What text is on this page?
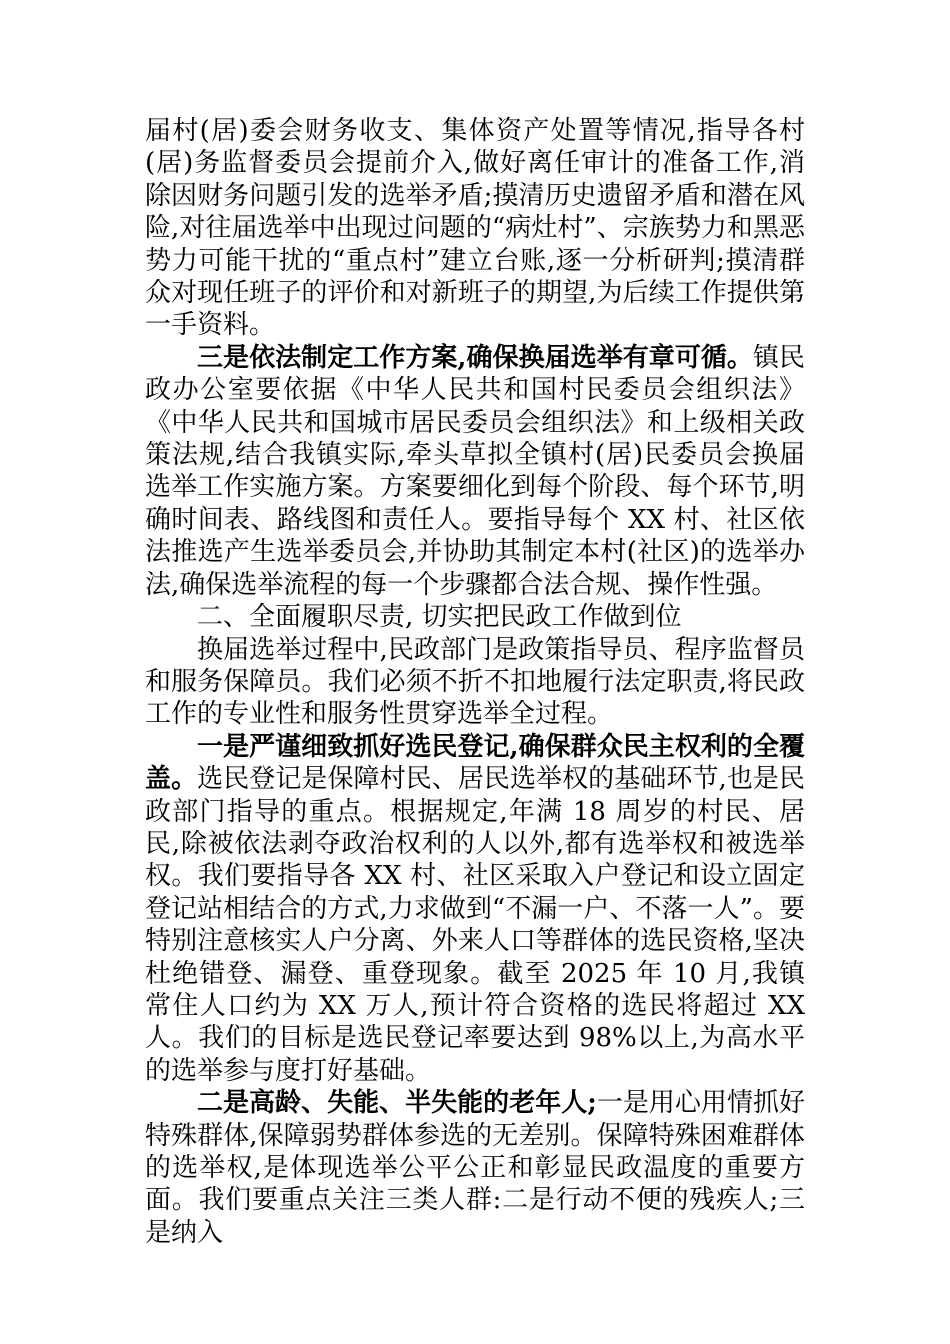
届村(居)委会财务收支、集体资产处置等情况,指导各村(居)务监督委员会提前介入,做好离任审计的准备工作,消除因财务问题引发的选举矛盾;摸清历史遗留矛盾和潜在风险,对往届选举中出现过问题的“病灶村”、宗族势力和黑恶势力可能干扰的“重点村”建立台账,逐一分析研判;摸清群众对现任班子的评价和对新班子的期望,为后续工作提供第一手资料。

三是依法制定工作方案,确保换届选举有章可循。镇民政办公室要依据《中华人民共和国村民委员会组织法》《中华人民共和国城市居民委员会组织法》和上级相关政策法规,结合我镇实际,牵头草拟全镇村(居)民委员会换届选举工作实施方案。方案要细化到每个阶段、每个环节,明确时间表、路线图和责任人。要指导每个 XX 村、社区依法推选产生选举委员会,并协助其制定本村(社区)的选举办法,确保选举流程的每一个步骤都合法合规、操作性强。

二、全面履职尽责, 切实把民政工作做到位

换届选举过程中,民政部门是政策指导员、程序监督员和服务保障员。我们必须不折不扣地履行法定职责,将民政工作的专业性和服务性贯穿选举全过程。

一是严谨细致抓好选民登记,确保群众民主权利的全覆盖。选民登记是保障村民、居民选举权的基础环节,也是民政部门指导的重点。根据规定,年满 18 周岁的村民、居民,除被依法剥夺政治权利的人以外,都有选举权和被选举权。我们要指导各 XX 村、社区采取入户登记和设立固定登记站相结合的方式,力求做到“不漏一户、不落一人”。要特别注意核实人户分离、外来人口等群体的选民资格,坚决杜绝错登、漏登、重登现象。截至 2025 年 10 月,我镇常住人口约为 XX 万人,预计符合资格的选民将超过 XX 人。我们的目标是选民登记率要达到 98%以上,为高水平的选举参与度打好基础。

二是高龄、失能、半失能的老年人;一是用心用情抓好特殊群体,保障弱势群体参选的无差别。保障特殊困难群体的选举权,是体现选举公平公正和彰显民政温度的重要方面。我们要重点关注三类人群:二是行动不便的残疾人;三是纳入
